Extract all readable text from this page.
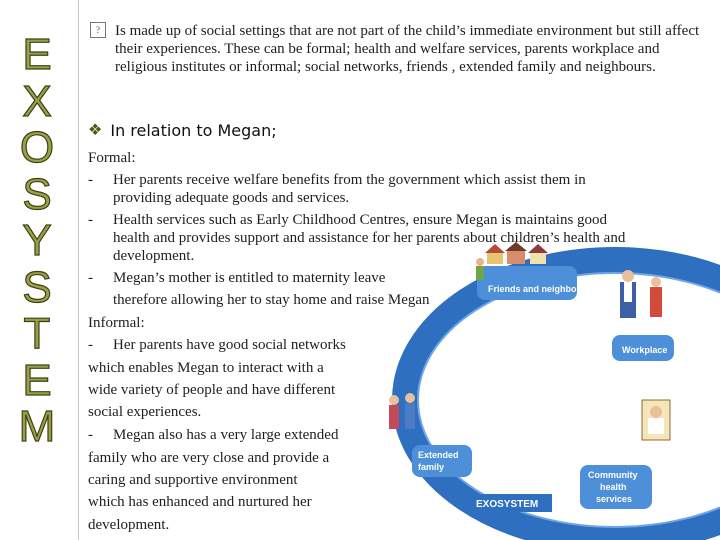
E
X
O
S
Y
S
T
E
M
Friends and neighbors
Workplace
Extended
family
Community
health
services
EXOSYSTEM
?	Is made up of social settings that are not part of the child’s immediate environment but still affect their experiences. These can be formal; health and welfare services, parents workplace and religious institutes or informal; social networks, friends , extended family and neighbours.
❖ In relation to Megan;
Formal:
- Her parents receive welfare benefits from the government which assist them in
providing adequate goods and services.
- Health services such as Early Childhood Centres, ensure Megan is maintains good
health and provides support and assistance for her parents about children’s health and
development.
- Megan’s mother is entitled to maternity leave
therefore allowing her to stay home and raise Megan
Informal:
- Her parents have good social networks
which enables Megan to interact with a
wide variety of people and have different
social experiences.
- Megan also has a very large extended
family who are very close and provide a
caring and supportive environment
which has enhanced and nurtured her
development.
